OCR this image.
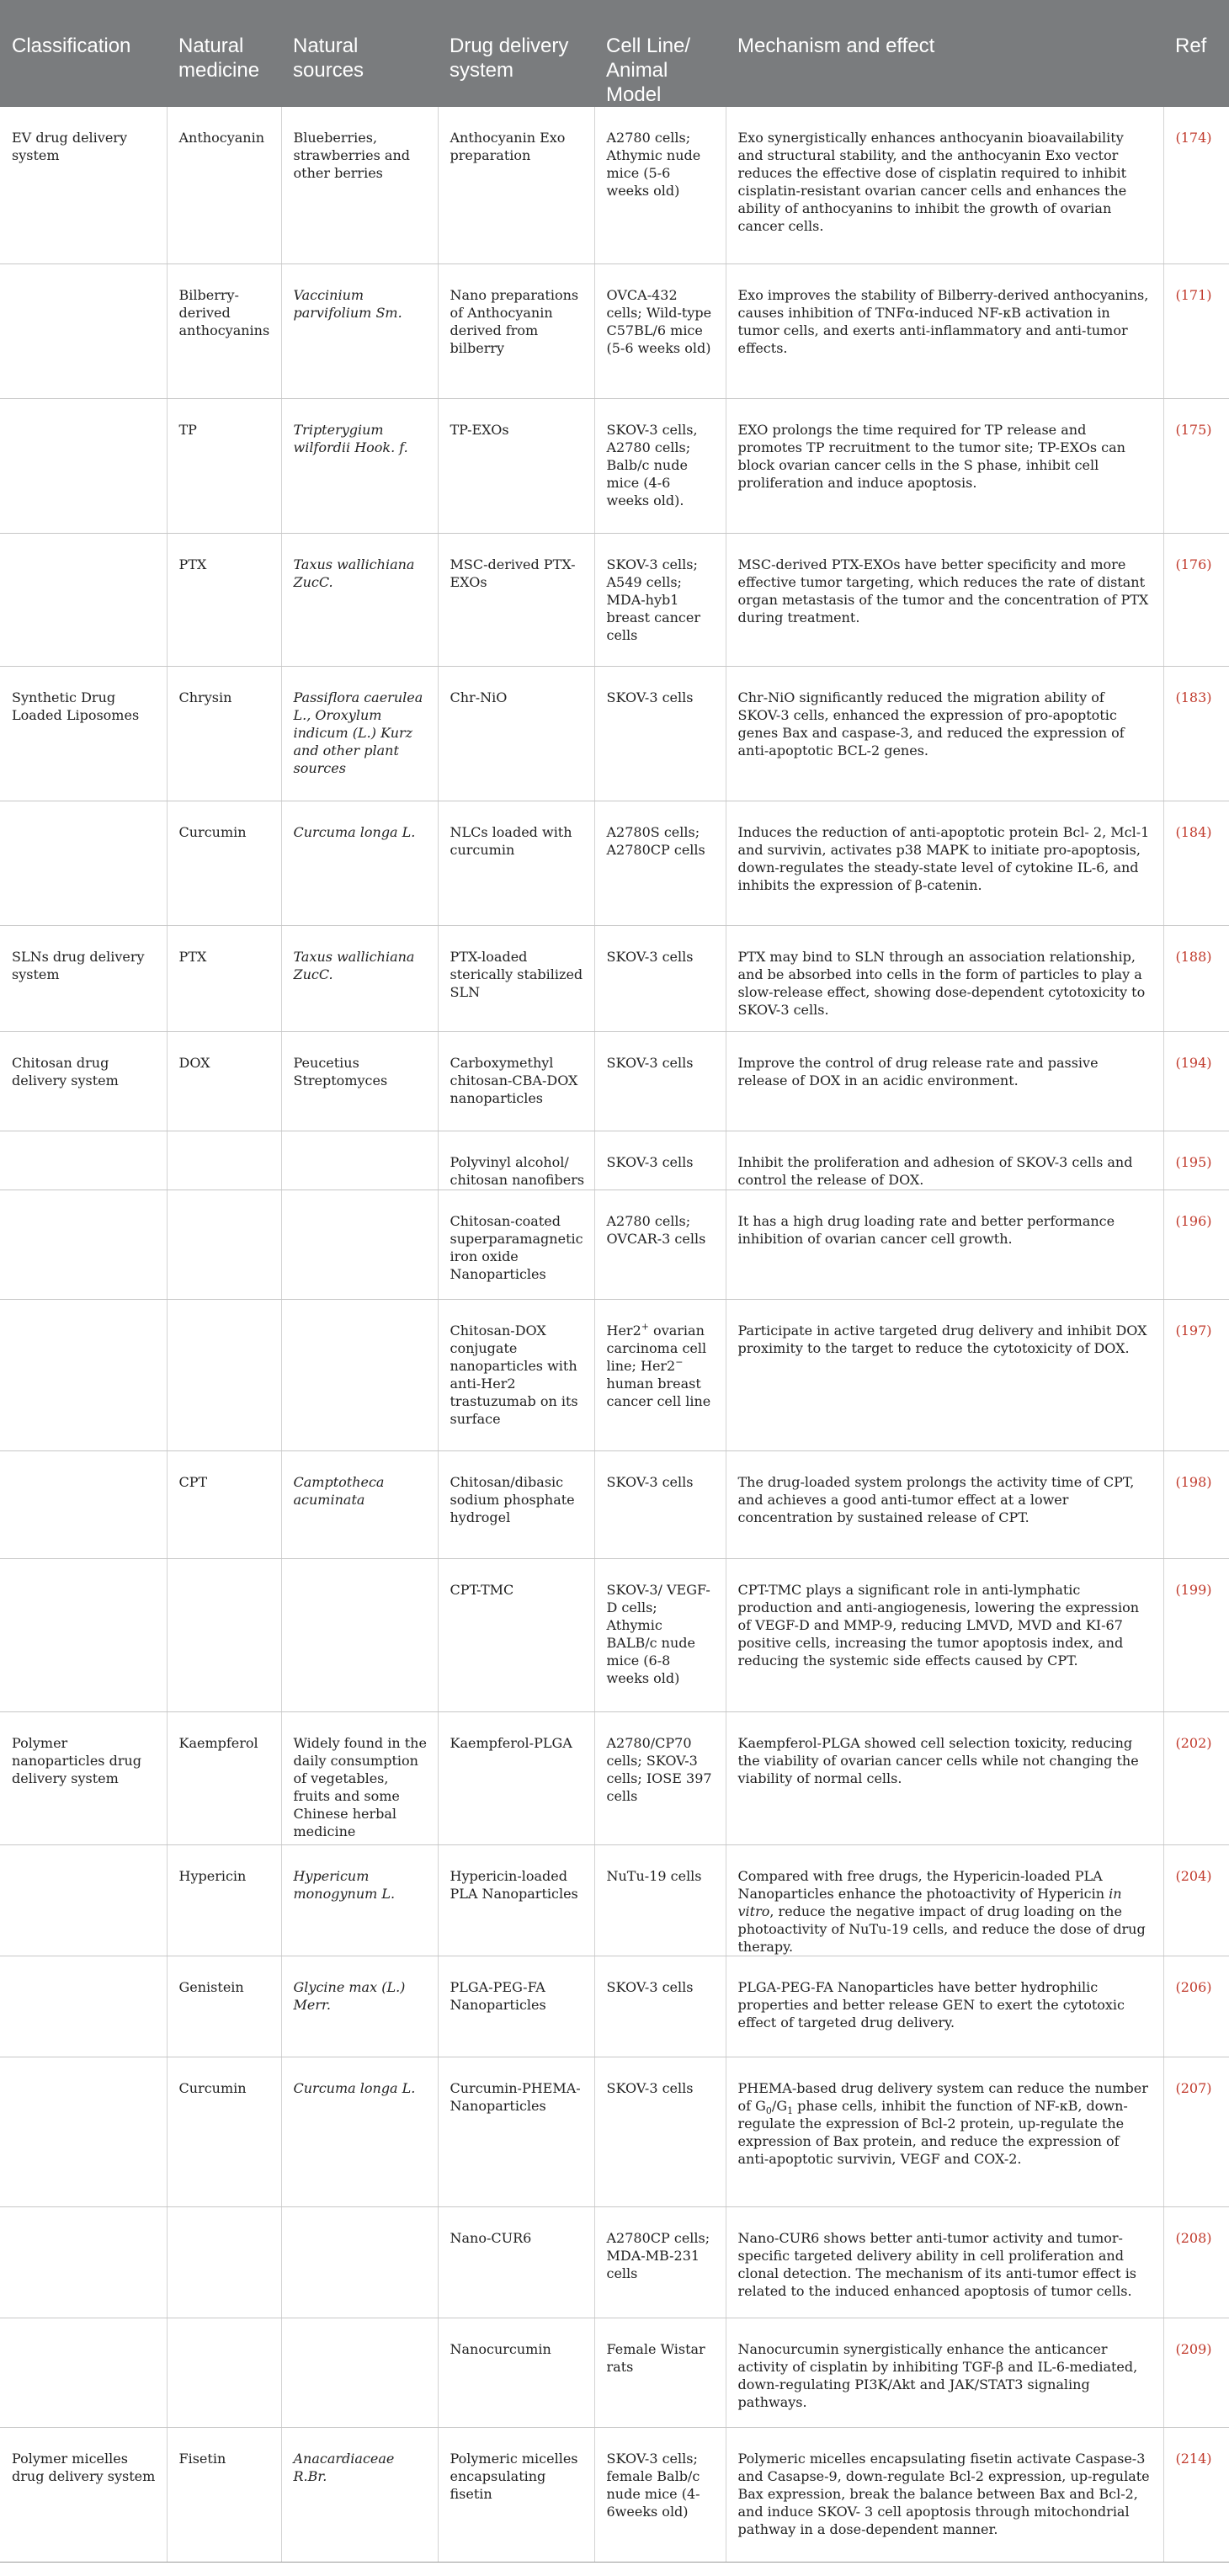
Classification	Natural medicine	Natural sources	Drug delivery system	Cell Line/ Animal Model	Mechanism and effect	Ref
EV drug delivery system	Anthocyanin	Blueberries, strawberries and other berries	Anthocyanin Exo preparation	A2780 cells; Athymic nude mice (5-6 weeks old)	Exo synergistically enhances anthocyanin bioavailability and structural stability, and the anthocyanin Exo vector reduces the effective dose of cisplatin required to inhibit cisplatin-resistant ovarian cancer cells and enhances the ability of anthocyanins to inhibit the growth of ovarian cancer cells.	(174)
	Bilberry-derived anthocyanins	Vaccinium parvifolium Sm.	Nano preparations of Anthocyanin derived from bilberry	OVCA-432 cells; Wild-type C57BL/6 mice (5-6 weeks old)	Exo improves the stability of Bilberry-derived anthocyanins, causes inhibition of TNFα-induced NF-κB activation in tumor cells, and exerts anti-inflammatory and anti-tumor effects.	(171)
	TP	Tripterygium wilfordii Hook. f.	TP-EXOs	SKOV-3 cells, A2780 cells; Balb/c nude mice (4-6 weeks old).	EXO prolongs the time required for TP release and promotes TP recruitment to the tumor site; TP-EXOs can block ovarian cancer cells in the S phase, inhibit cell proliferation and induce apoptosis.	(175)
	PTX	Taxus wallichiana ZucC.	MSC-derived PTX-EXOs	SKOV-3 cells; A549 cells; MDA-hyb1 breast cancer cells	MSC-derived PTX-EXOs have better specificity and more effective tumor targeting, which reduces the rate of distant organ metastasis of the tumor and the concentration of PTX during treatment.	(176)
Synthetic Drug Loaded Liposomes	Chrysin	Passiflora caerulea L., Oroxylum indicum (L.) Kurz and other plant sources	Chr-NiO	SKOV-3 cells	Chr-NiO significantly reduced the migration ability of SKOV-3 cells, enhanced the expression of pro-apoptotic genes Bax and caspase-3, and reduced the expression of anti-apoptotic BCL-2 genes.	(183)
	Curcumin	Curcuma longa L.	NLCs loaded with curcumin	A2780S cells; A2780CP cells	Induces the reduction of anti-apoptotic protein Bcl- 2, Mcl-1 and survivin, activates p38 MAPK to initiate pro-apoptosis, down-regulates the steady-state level of cytokine IL-6, and inhibits the expression of β-catenin.	(184)
SLNs drug delivery system	PTX	Taxus wallichiana ZucC.	PTX-loaded sterically stabilized SLN	SKOV-3 cells	PTX may bind to SLN through an association relationship, and be absorbed into cells in the form of particles to play a slow-release effect, showing dose-dependent cytotoxicity to SKOV-3 cells.	(188)
Chitosan drug delivery system	DOX	Peucetius Streptomyces	Carboxymethyl chitosan-CBA-DOX nanoparticles	SKOV-3 cells	Improve the control of drug release rate and passive release of DOX in an acidic environment.	(194)
			Polyvinyl alcohol/ chitosan nanofibers	SKOV-3 cells	Inhibit the proliferation and adhesion of SKOV-3 cells and control the release of DOX.	(195)
			Chitosan-coated superparamagnetic iron oxide Nanoparticles	A2780 cells; OVCAR-3 cells	It has a high drug loading rate and better performance inhibition of ovarian cancer cell growth.	(196)
			Chitosan-DOX conjugate nanoparticles with anti-Her2 trastuzumab on its surface	Her2+ ovarian carcinoma cell line; Her2− human breast cancer cell line	Participate in active targeted drug delivery and inhibit DOX proximity to the target to reduce the cytotoxicity of DOX.	(197)
	CPT	Camptotheca acuminata	Chitosan/dibasic sodium phosphate hydrogel	SKOV-3 cells	The drug-loaded system prolongs the activity time of CPT, and achieves a good anti-tumor effect at a lower concentration by sustained release of CPT.	(198)
			CPT-TMC	SKOV-3/ VEGF-D cells; Athymic BALB/c nude mice (6-8 weeks old)	CPT-TMC plays a significant role in anti-lymphatic production and anti-angiogenesis, lowering the expression of VEGF-D and MMP-9, reducing LMVD, MVD and KI-67 positive cells, increasing the tumor apoptosis index, and reducing the systemic side effects caused by CPT.	(199)
Polymer nanoparticles drug delivery system	Kaempferol	Widely found in the daily consumption of vegetables, fruits and some Chinese herbal medicine	Kaempferol-PLGA	A2780/CP70 cells; SKOV-3 cells; IOSE 397 cells	Kaempferol-PLGA showed cell selection toxicity, reducing the viability of ovarian cancer cells while not changing the viability of normal cells.	(202)
	Hypericin	Hypericum monogynum L.	Hypericin-loaded PLA Nanoparticles	NuTu-19 cells	Compared with free drugs, the Hypericin-loaded PLA Nanoparticles enhance the photoactivity of Hypericin in vitro, reduce the negative impact of drug loading on the photoactivity of NuTu-19 cells, and reduce the dose of drug therapy.	(204)
	Genistein	Glycine max (L.) Merr.	PLGA-PEG-FA Nanoparticles	SKOV-3 cells	PLGA-PEG-FA Nanoparticles have better hydrophilic properties and better release GEN to exert the cytotoxic effect of targeted drug delivery.	(206)
	Curcumin	Curcuma longa L.	Curcumin-PHEMA-Nanoparticles	SKOV-3 cells	PHEMA-based drug delivery system can reduce the number of $G_0/G_1$ phase cells, inhibit the function of NF-κB, down-regulate the expression of Bcl-2 protein, up-regulate the expression of Bax protein, and reduce the expression of anti-apoptotic survivin, VEGF and COX-2.	(207)
			Nano-CUR6	A2780CP cells; MDA-MB-231 cells	Nano-CUR6 shows better anti-tumor activity and tumor-specific targeted delivery ability in cell proliferation and clonal detection. The mechanism of its anti-tumor effect is related to the induced enhanced apoptosis of tumor cells.	(208)
			Nanocurcumin	Female Wistar rats	Nanocurcumin synergistically enhance the anticancer activity of cisplatin by inhibiting TGF-β and IL-6-mediated, down-regulating PI3K/Akt and JAK/STAT3 signaling pathways.	(209)
Polymer micelles drug delivery system	Fisetin	Anacardiaceae R.Br.	Polymeric micelles encapsulating fisetin	SKOV-3 cells; female Balb/c nude mice (4-6weeks old)	Polymeric micelles encapsulating fisetin activate Caspase-3 and Casapse-9, down-regulate Bcl-2 expression, up-regulate Bax expression, break the balance between Bax and Bcl-2, and induce SKOV- 3 cell apoptosis through mitochondrial pathway in a dose-dependent manner.	(214)
